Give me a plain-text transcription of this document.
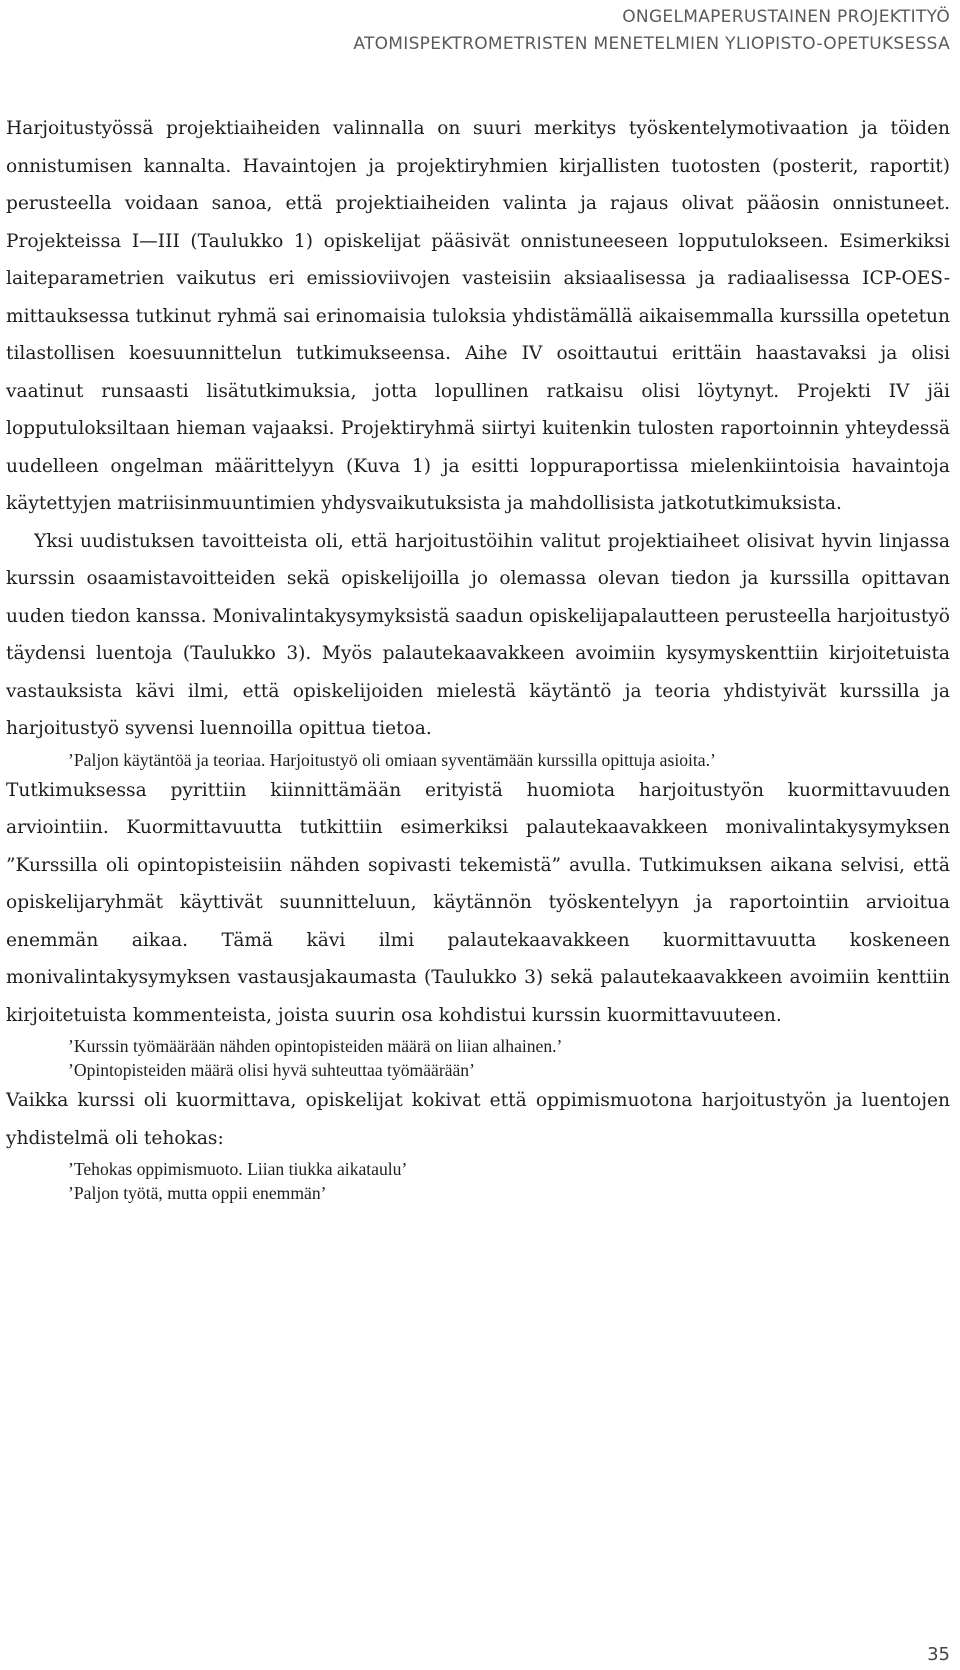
ONGELMAPERUSTAINEN PROJEKTITYÖ
ATOMISPEKTROMETRISTEN MENETELMIEN YLIOPISTO-OPETUKSESSA

Harjoitustyössä projektiaiheiden valinnalla on suuri merkitys työskentelymotivaation ja töiden onnistumisen kannalta. Havaintojen ja projektiryhmien kirjallisten tuotosten (posterit, raportit) perusteella voidaan sanoa, että projektiaiheiden valinta ja rajaus olivat pääosin onnistuneet. Projekteissa I—III (Taulukko 1) opiskelijat pääsivät onnistuneeseen lopputulokseen. Esimerkiksi laiteparametrien vaikutus eri emissioviivojen vasteisiin aksiaalisessa ja radiaalisessa ICP-OES-mittauksessa tutkinut ryhmä sai erinomaisia tuloksia yhdistämällä aikaisemmalla kurssilla opetetun tilastollisen koesuunnittelun tutkimukseensa. Aihe IV osoittautui erittäin haastavaksi ja olisi vaatinut runsaasti lisätutkimuksia, jotta lopullinen ratkaisu olisi löytynyt. Projekti IV jäi lopputuloksiltaan hieman vajaaksi. Projektiryhmä siirtyi kuitenkin tulosten raportoinnin yhteydessä uudelleen ongelman määrittelyyn (Kuva 1) ja esitti loppuraportissa mielenkiintoisia havaintoja käytettyjen matriisinmuuntimien yhdysvaikutuksista ja mahdollisista jatkotutkimuksista.

Yksi uudistuksen tavoitteista oli, että harjoitustöihin valitut projektiaiheet olisivat hyvin linjassa kurssin osaamistavoitteiden sekä opiskelijoilla jo olemassa olevan tiedon ja kurssilla opittavan uuden tiedon kanssa. Monivalintakysymyksistä saadun opiskelijapalautteen perusteella harjoitustyö täydensi luentoja (Taulukko 3). Myös palautekaavakkeen avoimiin kysymyskenttiin kirjoitetuista vastauksista kävi ilmi, että opiskelijoiden mielestä käytäntö ja teoria yhdistyivät kurssilla ja harjoitustyö syvensi luennoilla opittua tietoa.

’Paljon käytäntöä ja teoriaa. Harjoitustyö oli omiaan syventämään kurssilla opittuja asioita.’

Tutkimuksessa pyrittiin kiinnittämään erityistä huomiota harjoitustyön kuormittavuuden arviointiin. Kuormittavuutta tutkittiin esimerkiksi palautekaavakkeen monivalintakysymyksen ”Kurssilla oli opintopisteisiin nähden sopivasti tekemistä” avulla. Tutkimuksen aikana selvisi, että opiskelijaryhmät käyttivät suunnitteluun, käytännön työskentelyyn ja raportointiin arvioitua enemmän aikaa. Tämä kävi ilmi palautekaavakkeen kuormittavuutta koskeneen monivalintakysymyksen vastausjakaumasta (Taulukko 3) sekä palautekaavakkeen avoimiin kenttiin kirjoitetuista kommenteista, joista suurin osa kohdistui kurssin kuormittavuuteen.

’Kurssin työmäärään nähden opintopisteiden määrä on liian alhainen.’

’Opintopisteiden määrä olisi hyvä suhteuttaa työmäärään’

Vaikka kurssi oli kuormittava, opiskelijat kokivat että oppimismuotona harjoitustyön ja luentojen yhdistelmä oli tehokas:

’Tehokas oppimismuoto. Liian tiukka aikataulu’

’Paljon työtä, mutta oppii enemmän’

35
